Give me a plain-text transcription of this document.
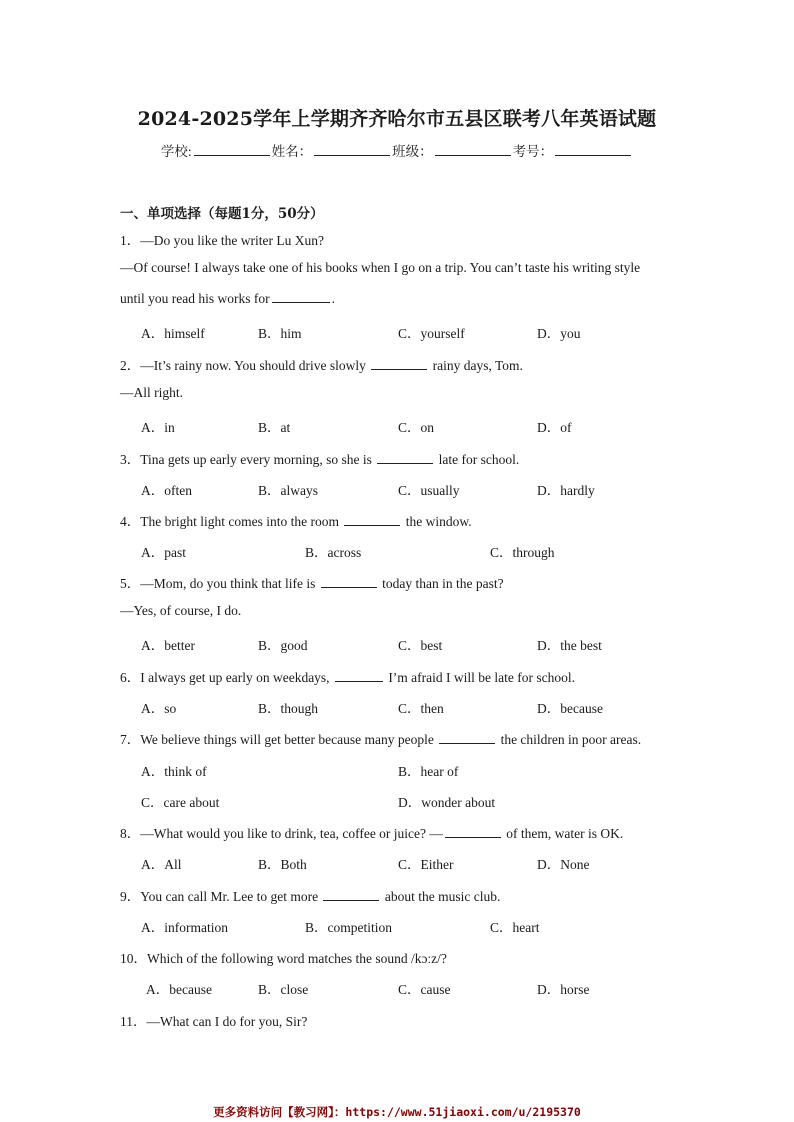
2024-2025学年上学期齐齐哈尔市五县区联考八年英语试题
学校:	姓名：	班级：	考号：
一、单项选择（每题1分，50分）
1．—Do you like the writer Lu Xun?
—Of course! I always take one of his books when I go on a trip. You can’t taste his writing style
until you read his works for	.
A．himself	B．him	C．yourself	D．you
2．—It’s rainy now. You should drive slowly	rainy days, Tom.
—All right.
A．in	B．at	C．on	D．of
3．Tina gets up early every morning, so she is	late for school.
A．often	B．always	C．usually	D．hardly
4．The bright light comes into the room	the window.
A．past	B．across	C．through
5．—Mom, do you think that life is	today than in the past?
—Yes, of course, I do.
A．better	B．good	C．best	D．the best
6．I always get up early on weekdays,	I’m afraid I will be late for school.
A．so	B．though	C．then	D．because
7．We believe things will get better because many people	the children in poor areas.
A．think of	B．hear of
C．care about	D．wonder about
8．—What would you like to drink, tea, coffee or juice? —	of them, water is OK.
A．All	B．Both	C．Either	D．None
9．You can call Mr. Lee to get more	about the music club.
A．information	B．competition	C．heart
10．Which of the following word matches the sound /kɔːz/?
A．because	B．close	C．cause	D．horse
11．—What can I do for you, Sir?
更多资料访问【教习网】：https://www.51jiaoxi.com/u/2195370
